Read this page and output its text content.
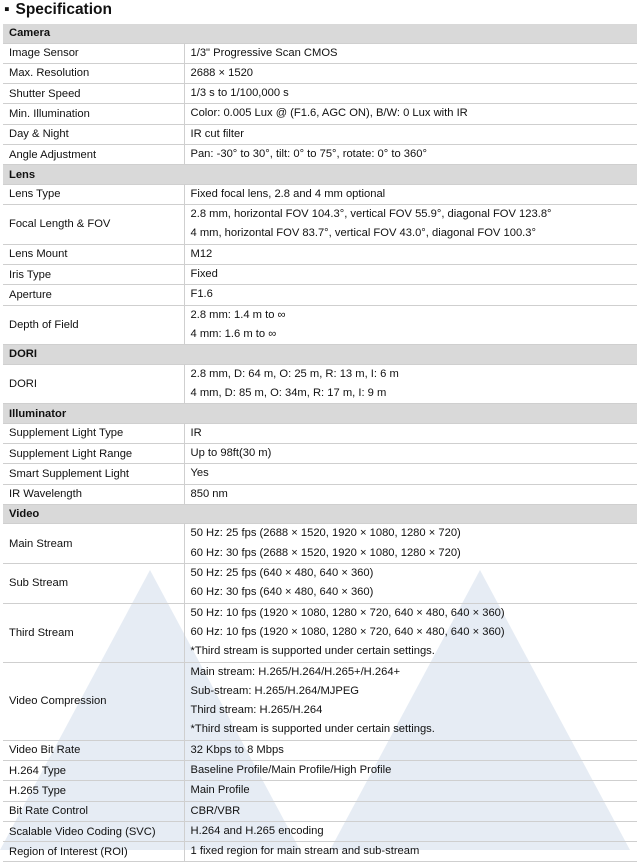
▪ Specification
Camera	
Image Sensor	1/3" Progressive Scan CMOS

Max. Resolution	2688 × 1520

Shutter Speed	1/3 s to 1/100,000 s

Min. Illumination	Color: 0.005 Lux @ (F1.6, AGC ON), B/W: 0 Lux with IR

Day & Night	IR cut filter

Angle Adjustment	Pan: -30° to 30°, tilt: 0° to 75°, rotate: 0° to 360°

Lens	
Lens Type	Fixed focal lens, 2.8 and 4 mm optional

Focal Length & FOV	2.8 mm, horizontal FOV 104.3°, vertical FOV 55.9°, diagonal FOV 123.8°
4 mm, horizontal FOV 83.7°, vertical FOV 43.0°, diagonal FOV 100.3°

Lens Mount	M12

Iris Type	Fixed

Aperture	F1.6

Depth of Field	2.8 mm: 1.4 m to ∞
4 mm: 1.6 m to ∞

DORI	
DORI	2.8 mm, D: 64 m, O: 25 m, R: 13 m, I: 6 m
4 mm, D: 85 m, O: 34m, R: 17 m, I: 9 m

Illuminator	
Supplement Light Type	IR

Supplement Light Range	Up to 98ft(30 m)

Smart Supplement Light	Yes

IR Wavelength	850 nm

Video	
Main Stream	50 Hz: 25 fps (2688 × 1520, 1920 × 1080, 1280 × 720)
60 Hz: 30 fps (2688 × 1520, 1920 × 1080, 1280 × 720)

Sub Stream	50 Hz: 25 fps (640 × 480, 640 × 360)
60 Hz: 30 fps (640 × 480, 640 × 360)

Third Stream	50 Hz: 10 fps (1920 × 1080, 1280 × 720, 640 × 480, 640 × 360)
60 Hz: 10 fps (1920 × 1080, 1280 × 720, 640 × 480, 640 × 360)
*Third stream is supported under certain settings.

Video Compression	Main stream: H.265/H.264/H.265+/H.264+
Sub-stream: H.265/H.264/MJPEG
Third stream: H.265/H.264
*Third stream is supported under certain settings.

Video Bit Rate	32 Kbps to 8 Mbps

H.264 Type	Baseline Profile/Main Profile/High Profile

H.265 Type	Main Profile

Bit Rate Control	CBR/VBR

Scalable Video Coding (SVC)	H.264 and H.265 encoding

Region of Interest (ROI)	1 fixed region for main stream and sub-stream
